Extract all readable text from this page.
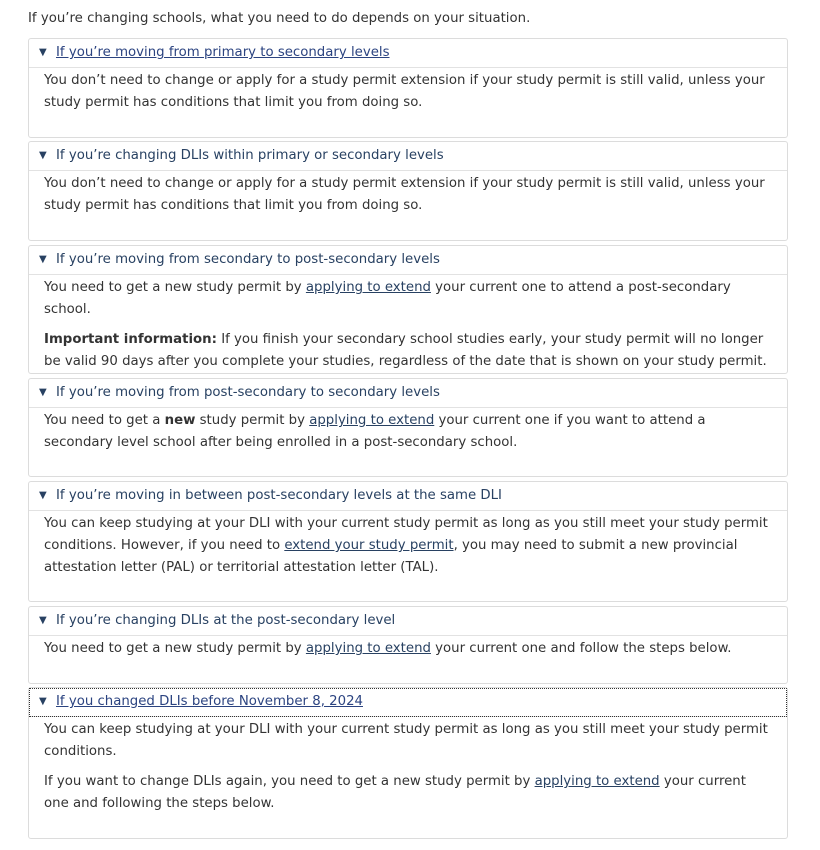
If you’re changing schools, what you need to do depends on your situation.

▼ If you’re moving from primary to secondary levels

You don’t need to change or apply for a study permit extension if your study permit is still valid, unless your study permit has conditions that limit you from doing so.

▼ If you’re changing DLIs within primary or secondary levels

You don’t need to change or apply for a study permit extension if your study permit is still valid, unless your study permit has conditions that limit you from doing so.

▼ If you’re moving from secondary to post-secondary levels

You need to get a new study permit by applying to extend your current one to attend a post-secondary school.

Important information: If you finish your secondary school studies early, your study permit will no longer be valid 90 days after you complete your studies, regardless of the date that is shown on your study permit.

▼ If you’re moving from post-secondary to secondary levels

You need to get a new study permit by applying to extend your current one if you want to attend a secondary level school after being enrolled in a post-secondary school.

▼ If you’re moving in between post-secondary levels at the same DLI

You can keep studying at your DLI with your current study permit as long as you still meet your study permit conditions. However, if you need to extend your study permit, you may need to submit a new provincial attestation letter (PAL) or territorial attestation letter (TAL).

▼ If you’re changing DLIs at the post-secondary level

You need to get a new study permit by applying to extend your current one and follow the steps below.

▼ If you changed DLIs before November 8, 2024

You can keep studying at your DLI with your current study permit as long as you still meet your study permit conditions.

If you want to change DLIs again, you need to get a new study permit by applying to extend your current one and following the steps below.
